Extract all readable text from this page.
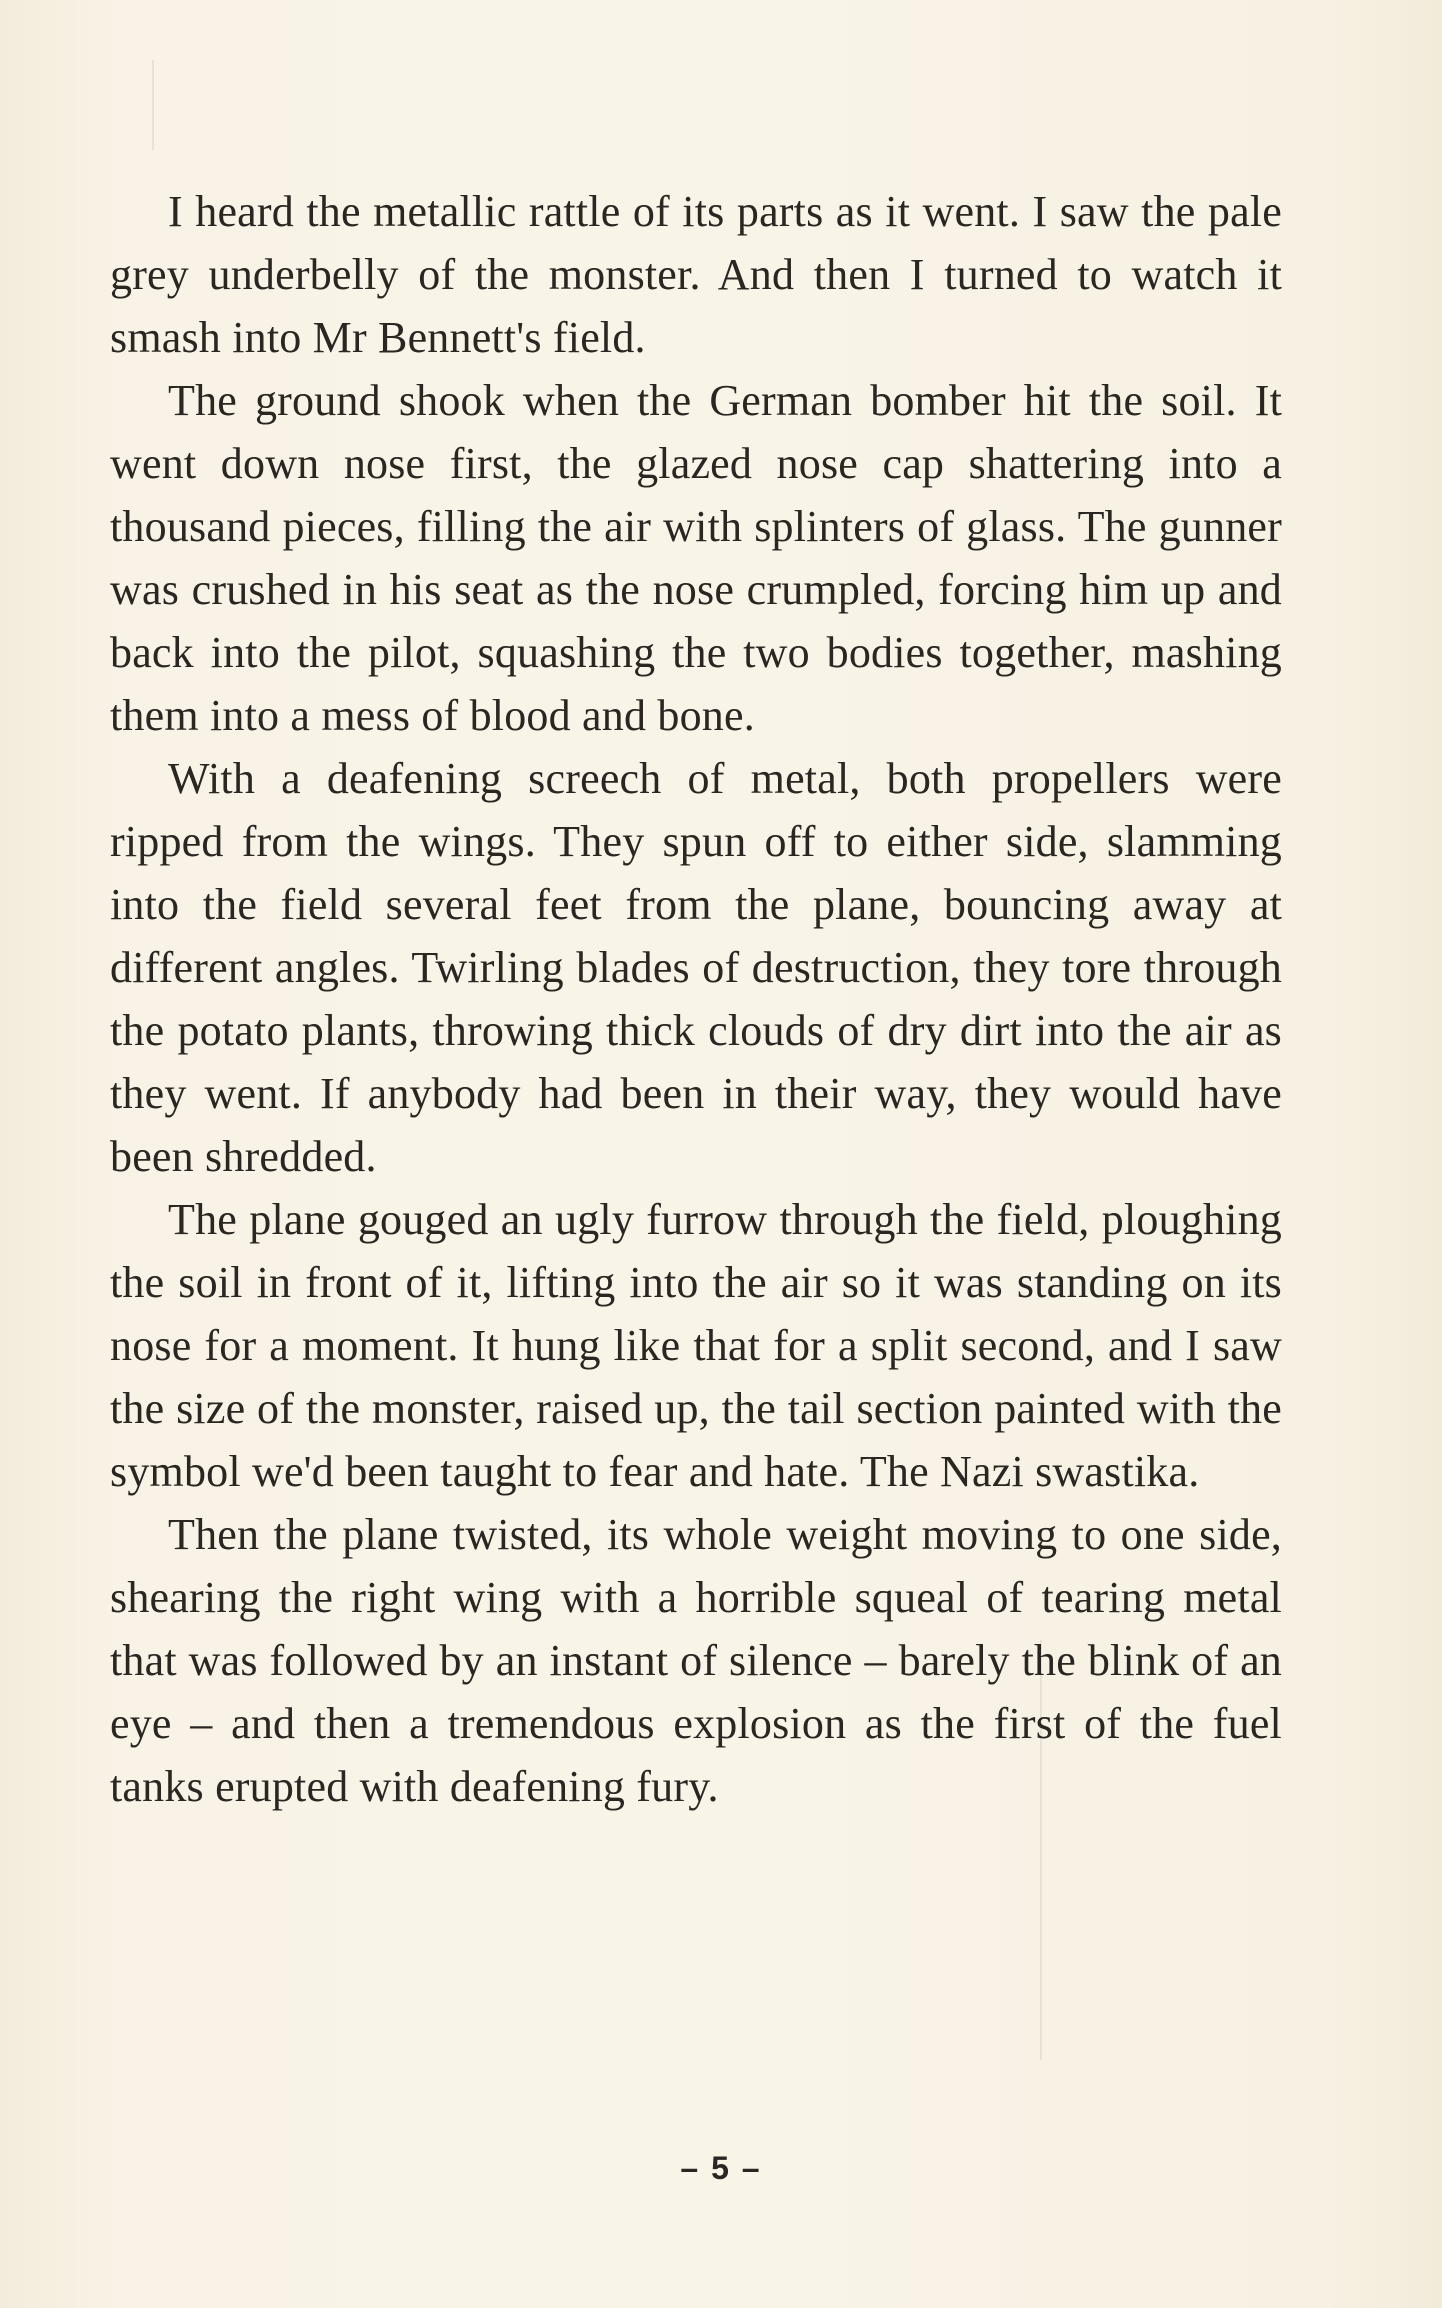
I heard the metallic rattle of its parts as it went. I saw the pale grey underbelly of the monster. And then I turned to watch it smash into Mr Bennett's field.

The ground shook when the German bomber hit the soil. It went down nose first, the glazed nose cap shattering into a thousand pieces, filling the air with splinters of glass. The gunner was crushed in his seat as the nose crumpled, forcing him up and back into the pilot, squashing the two bodies together, mashing them into a mess of blood and bone.

With a deafening screech of metal, both propellers were ripped from the wings. They spun off to either side, slamming into the field several feet from the plane, bouncing away at different angles. Twirling blades of destruction, they tore through the potato plants, throwing thick clouds of dry dirt into the air as they went. If anybody had been in their way, they would have been shredded.

The plane gouged an ugly furrow through the field, ploughing the soil in front of it, lifting into the air so it was standing on its nose for a moment. It hung like that for a split second, and I saw the size of the monster, raised up, the tail section painted with the symbol we'd been taught to fear and hate. The Nazi swastika.

Then the plane twisted, its whole weight moving to one side, shearing the right wing with a horrible squeal of tearing metal that was followed by an instant of silence – barely the blink of an eye – and then a tremendous explosion as the first of the fuel tanks erupted with deafening fury.

– 5 –
